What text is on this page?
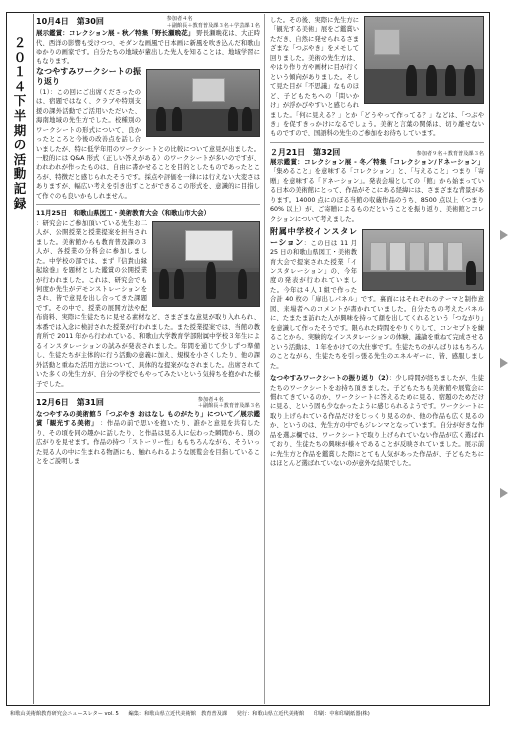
２０１４下半期の活動記録
10月4日　第30回	参加者４名
＋副館長＋教育普及課３名＋学芸課１名

展示鑑賞：コレクション展 - 秋／特集「野长瀬晩花」 野長瀬晩花は、大正時代、西洋の影響も受けつつ、モダンな画風で日本画に新風を吹き込んだ和歌山ゆかりの画家です。自分たちの地域が輩出した先人を知ることは、地域学習にもなります。

なつやすみワークシートの振り返り
（1）：この回にご出席くださったのは、宿題ではなく、クラブや特別支援の課外活動でご活用いただいた、海南地域の先生方でした。校種別のワークシートの形式について、良かったところと今後の改善点を話し合いましたが、特に低学年用のワークシートとの比較について意見が出ました。一般的には Q&A 形式（正しい答えがある）のワークシートが多いのですが、われわれが作ったものは、自由に書かせることを目的としたものであったところが、特徴だと感じられたそうです。採点や評価を一律には行えない大変さはありますが、幅広い考えを引き出すことができるこの形式を、意識的に目指して作ぐのも良いかもしれません。

11月25日　和歌山県図工・美術教育大会（和歌山市大会）

：研究会にご参加頂いている先生お二人が、公開授業と授業提案を担当されました。美術館からも教育普及課の３人が、各授業の分科会に参加しました。中学校の部では、まず『信貴山縁起絵巻』を題材とした鑑賞の公開授業が行われました。これは、研究会でも何度か先生がデモンストレーションをされ、皆で意見を出し合ってきた課題です。その中で、授業の展開方法や配布資料、実際に生徒たちに見せる素材など、さまざまな意見が取り入れられ、本番では入念に検討された授業が行われました。また授業提案では、当館の教育所で 2011 年から行われている、和歌山大学教育学部附属中学校３年生によるインスタレーションの試みが発表されました。年間を通じて少しずつ準備し、生徒たちが主体的に行う活動の意義に加え、規模を小さくしたり、他の課外活動と重ねた活用方法について、具体的な提案がなされました。出席されていた多くの先生方が、自分の学校でもやってみたいという気持ちを抱かれた様子でした。

12月6日　第31回	参加者４名
＋副館長＋教育普及課３名

なつやすみの美術館５「つぶやき おはなし ものがたり」について／展示鑑賞「観光する美術」 ：作品の前で思いを抱いたり、誰かと意見を共有したり、その頃を同の趣かに話したり、と作品は見る人に伝わった瞬間から、別の広がりを見せます。作品の持つ「ストーリー性」ももちろんながら、そういった見る人の中に生まれる物語にも、触れられるような展覧会を目指していることをご説明しま

した。その後、実際に先生方に「観光する美術」展をご鑑賞いただき、自然に発せられるさまざまな「つぶやき」をメモして回りました。美術の先生方は、やはり作り方や画材に目が行くという傾向がありました。そして見た目が「不思議」なものほど、子どもたちへの「問いかけ」が浮かびやすいと感じられました。「何に見える？」とか「どうやって作ってる？」などは、「つぶやき」を促すきっかけになるでしょう。美術と言葉の関係は、切り離せないものですので、国語科の先生のご参加をお待ちしています。

２月21日　第32回	参加者９名＋教育普及課３名

展示鑑賞：コレクション展 - 冬／特集「コレクション/ドネーション」 「集めること」を意味する「コレクション」と、「与えること」つまり「寄贈」を意味する「ドネーション」。発表会場としての「館」から始まっている日本の美術館にとって、作品がそこにある経緯には、さまざまな背景があります。14000 点にのぼる当館の収蔵作品のうち、8500 点以上（つまり 60% 以上）が、ご寄贈によるものだということを振り返り、美術館とコレクションについて考えました。

附属中学校インスタレーション：この日は 11 月 25 日の和歌山県図工・美術教育大会で提案された授業「インスタレーション」の、今年度の発表が行われていました。今年は４人１組で作った合計 40 枚の「扉出しパネル」です。裏面にはそれぞれのテーマと制作意図、来場者へのコメントが書かれていました。自分たちの考えたパネルに、たまたま訪れた人が興味を持って顔を出してくれるという「つながり」を意識して作ったそうです。限られた時間をやりくりして、コンセプトを練ることから、実験的なインスタレーションの体験、議論を重ねて完成させるという活動は、１年をかけての大仕事です。生徒たちのがんばりはもちろんのことながら、生徒たちを引っ張る先生のエネルギーに、皆、感服しました。

なつやすみワークシートの振り返り（2）：少し時間が経ちましたが、生徒たちのワークシートをお持ち頂きました。子どもたちも美術館や展覧会に慣れてきているのか、ワークシートに答えるために見る、宿題のためだけに見る、という固も少なかったように感じられるようです。ワークシートに取り上げられている作品だけをじっくり見るのか、他の作品も広く見るのか、というのは、先生方の中でもジレンマとなっています。自分が好きな作品を選ぶ欄では、ワークシートで取り上げられていない作品が広く選ばれており、生徒たちの興味が様々であることが反映されていました。展示前に先生方と作品を鑑賞した際にとても人気があった作品が、子どもたちにはほとんど選ばれていないのが意外な結果でした。

和歌山美術館教育研究会ニュースレター vol. 5 編集：和歌山県立近代美術館　教育普及課 発行：和歌山県立近代美術館 印刷：中和印刷紙器(株)
